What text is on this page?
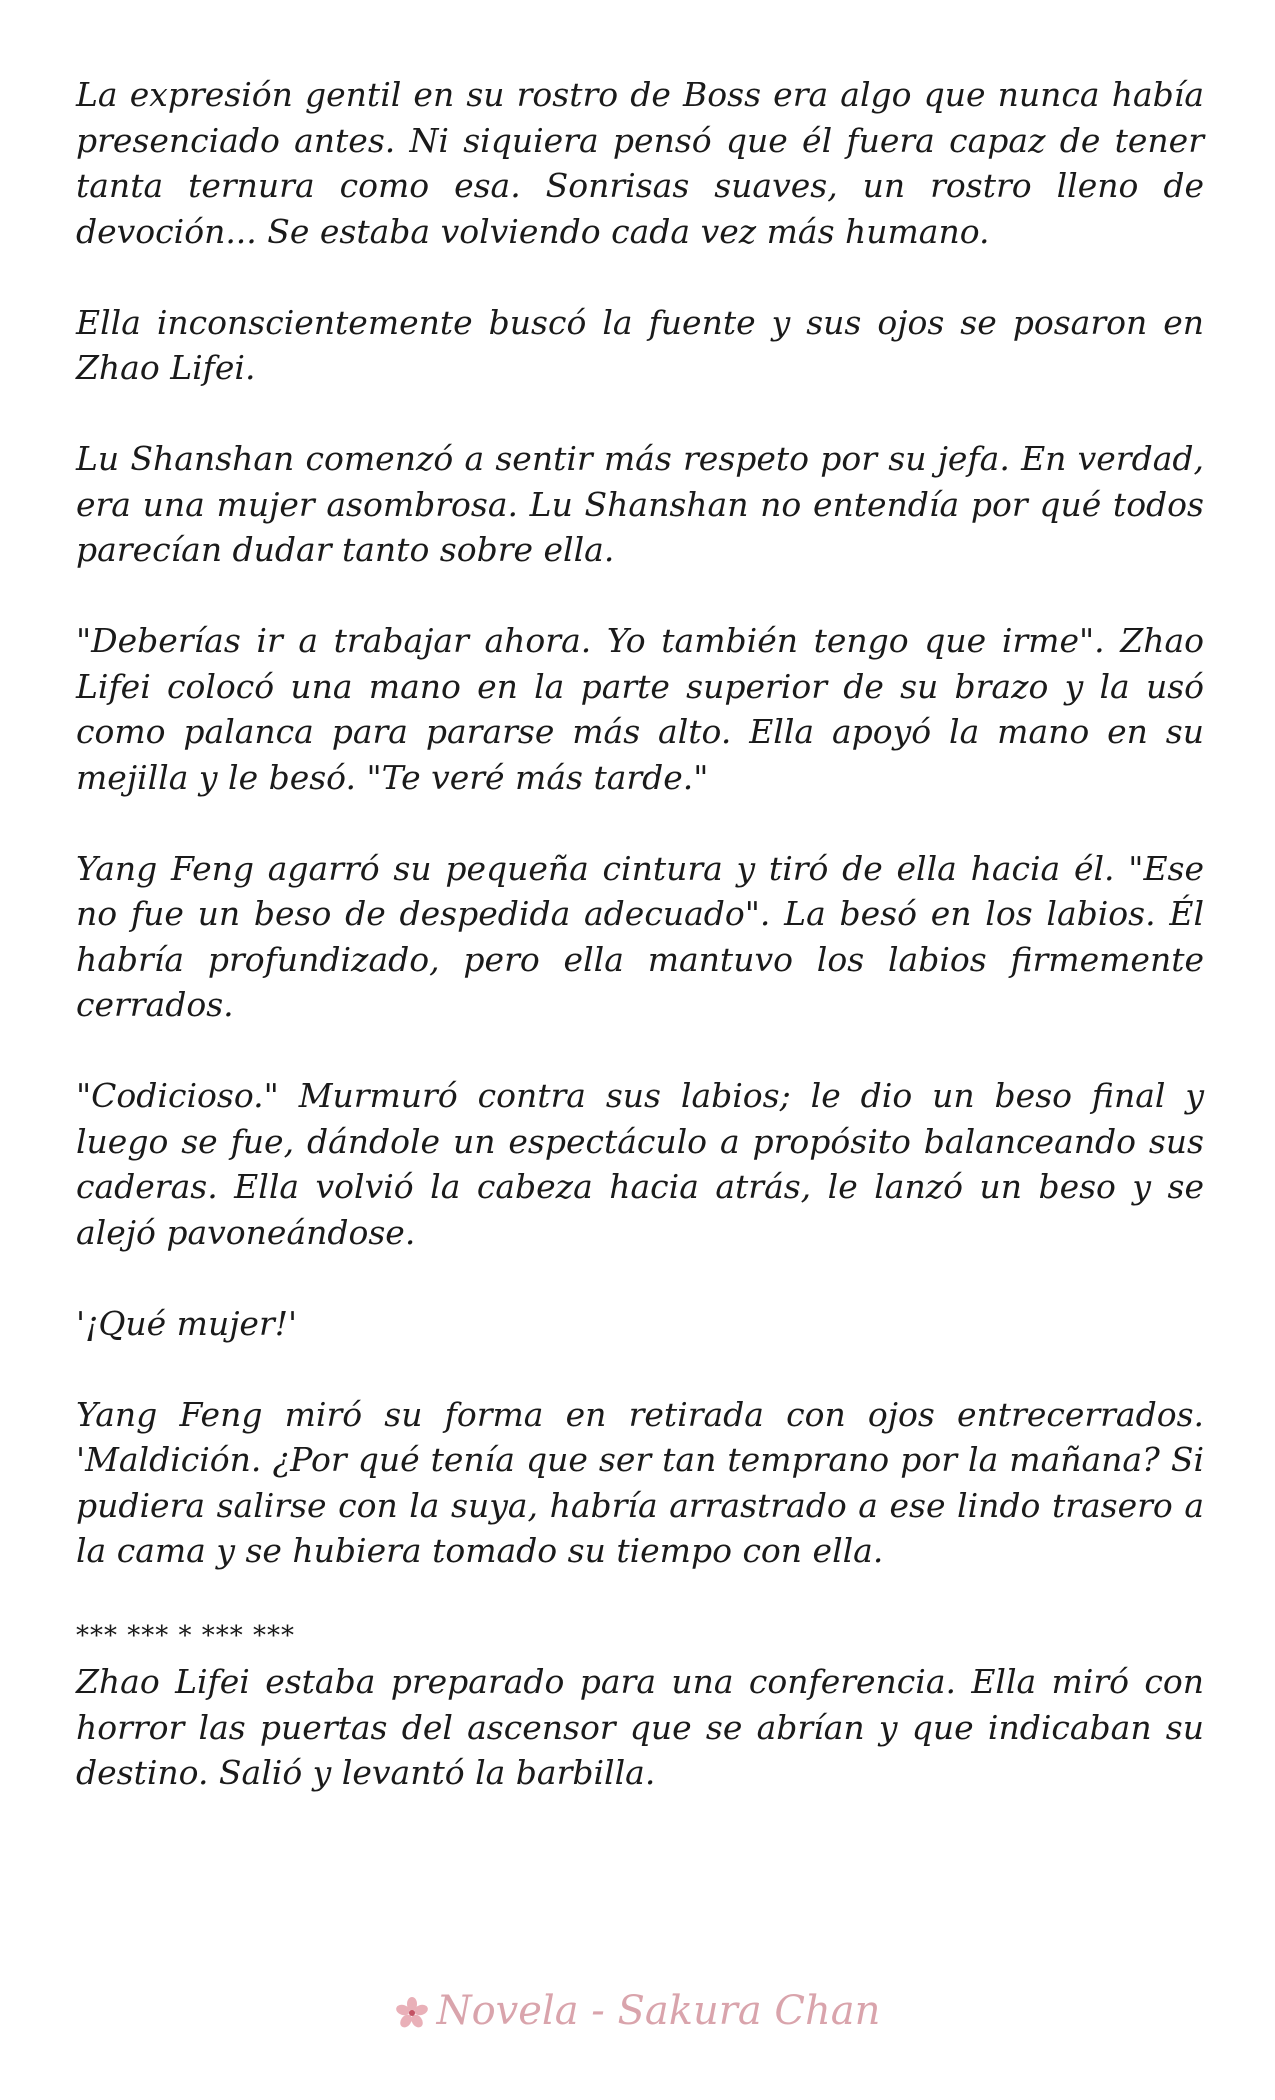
La expresión gentil en su rostro de Boss era algo que nunca había presenciado antes. Ni siquiera pensó que él fuera capaz de tener tanta ternura como esa. Sonrisas suaves, un rostro lleno de devoción... Se estaba volviendo cada vez más humano.

Ella inconscientemente buscó la fuente y sus ojos se posaron en Zhao Lifei.

Lu Shanshan comenzó a sentir más respeto por su jefa. En verdad, era una mujer asombrosa. Lu Shanshan no entendía por qué todos parecían dudar tanto sobre ella.

"Deberías ir a trabajar ahora. Yo también tengo que irme". Zhao Lifei colocó una mano en la parte superior de su brazo y la usó como palanca para pararse más alto. Ella apoyó la mano en su mejilla y le besó. "Te veré más tarde."

Yang Feng agarró su pequeña cintura y tiró de ella hacia él. "Ese no fue un beso de despedida adecuado". La besó en los labios. Él habría profundizado, pero ella mantuvo los labios firmemente cerrados.

"Codicioso." Murmuró contra sus labios; le dio un beso final y luego se fue, dándole un espectáculo a propósito balanceando sus caderas. Ella volvió la cabeza hacia atrás, le lanzó un beso y se alejó pavoneándose.

'¡Qué mujer!'

Yang Feng miró su forma en retirada con ojos entrecerrados. 'Maldición. ¿Por qué tenía que ser tan temprano por la mañana? Si pudiera salirse con la suya, habría arrastrado a ese lindo trasero a la cama y se hubiera tomado su tiempo con ella.

*** *** * *** ***

Zhao Lifei estaba preparado para una conferencia. Ella miró con horror las puertas del ascensor que se abrían y que indicaban su destino. Salió y levantó la barbilla.

Novela - Sakura Chan
